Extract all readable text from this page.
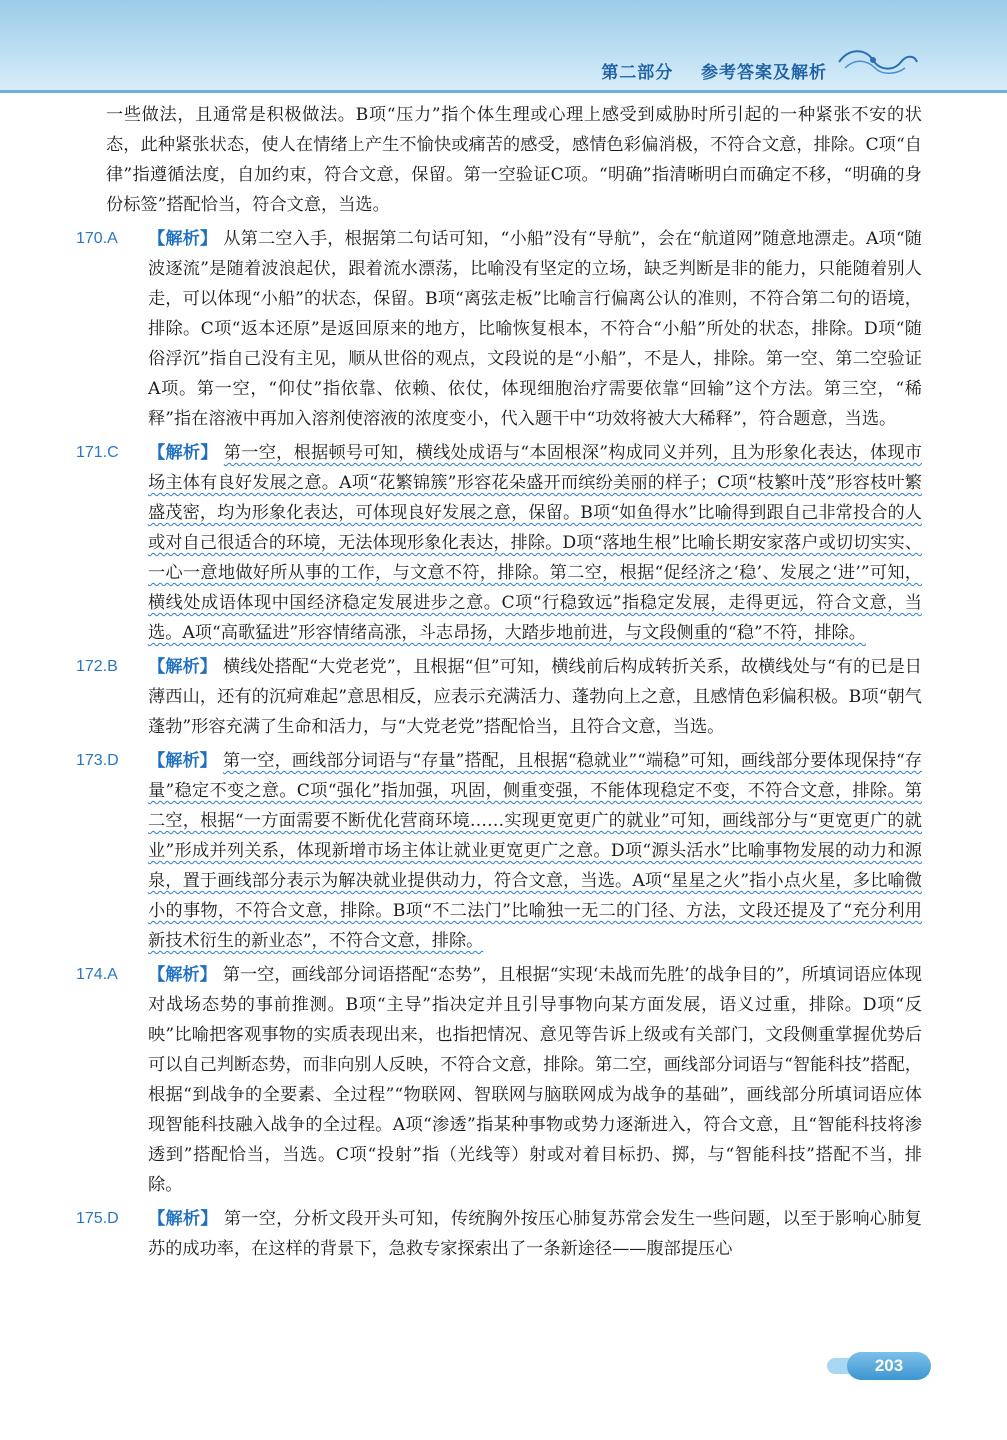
第二部分    参考答案及解析

一些做法，且通常是积极做法。B项“压力”指个体生理或心理上感受到威胁时所引起的一种紧张不安的状态，此种紧张状态，使人在情绪上产生不愉快或痛苦的感受，感情色彩偏消极，不符合文意，排除。C项“自律”指遵循法度，自加约束，符合文意，保留。第一空验证C项。“明确”指清晰明白而确定不移，“明确的身份标签”搭配恰当，符合文意，当选。

170.A	【解析】 从第二空入手，根据第二句话可知，“小船”没有“导航”，会在“航道网”随意地漂走。A项“随波逐流”是随着波浪起伏，跟着流水漂荡，比喻没有坚定的立场，缺乏判断是非的能力，只能随着别人走，可以体现“小船”的状态，保留。B项“离弦走板”比喻言行偏离公认的准则，不符合第二句的语境，排除。C项“返本还原”是返回原来的地方，比喻恢复根本，不符合“小船”所处的状态，排除。D项“随俗浮沉”指自己没有主见，顺从世俗的观点，文段说的是“小船”，不是人，排除。第一空、第二空验证A项。第一空，“仰仗”指依靠、依赖、依仗，体现细胞治疗需要依靠“回输”这个方法。第三空，“稀释”指在溶液中再加入溶剂使溶液的浓度变小，代入题干中“功效将被大大稀释”，符合题意，当选。
171.C	【解析】 第一空，根据顿号可知，横线处成语与“本固根深”构成同义并列，且为形象化表达，体现市场主体有良好发展之意。A项“花繁锦簇”形容花朵盛开而缤纷美丽的样子；C项“枝繁叶茂”形容枝叶繁盛茂密，均为形象化表达，可体现良好发展之意，保留。B项“如鱼得水”比喻得到跟自己非常投合的人或对自己很适合的环境，无法体现形象化表达，排除。D项“落地生根”比喻长期安家落户或切切实实、一心一意地做好所从事的工作，与文意不符，排除。第二空，根据“促经济之‘稳’、发展之‘进’”可知，横线处成语体现中国经济稳定发展进步之意。C项“行稳致远”指稳定发展，走得更远，符合文意，当选。A项“高歌猛进”形容情绪高涨，斗志昂扬，大踏步地前进，与文段侧重的“稳”不符，排除。
172.B	【解析】 横线处搭配“大党老党”，且根据“但”可知，横线前后构成转折关系，故横线处与“有的已是日薄西山，还有的沉疴难起”意思相反，应表示充满活力、蓬勃向上之意，且感情色彩偏积极。B项“朝气蓬勃”形容充满了生命和活力，与“大党老党”搭配恰当，且符合文意，当选。
173.D	【解析】 第一空，画线部分词语与“存量”搭配，且根据“稳就业”“端稳”可知，画线部分要体现保持“存量”稳定不变之意。C项“强化”指加强，巩固，侧重变强，不能体现稳定不变，不符合文意，排除。第二空，根据“一方面需要不断优化营商环境……实现更宽更广的就业”可知，画线部分与“更宽更广的就业”形成并列关系，体现新增市场主体让就业更宽更广之意。D项“源头活水”比喻事物发展的动力和源泉，置于画线部分表示为解决就业提供动力，符合文意，当选。A项“星星之火”指小点火星，多比喻微小的事物，不符合文意，排除。B项“不二法门”比喻独一无二的门径、方法，文段还提及了“充分利用新技术衍生的新业态”，不符合文意，排除。
174.A	【解析】 第一空，画线部分词语搭配“态势”，且根据“实现‘未战而先胜’的战争目的”，所填词语应体现对战场态势的事前推测。B项“主导”指决定并且引导事物向某方面发展，语义过重，排除。D项“反映”比喻把客观事物的实质表现出来，也指把情况、意见等告诉上级或有关部门，文段侧重掌握优势后可以自己判断态势，而非向别人反映，不符合文意，排除。第二空，画线部分词语与“智能科技”搭配，根据“到战争的全要素、全过程”“物联网、智联网与脑联网成为战争的基础”，画线部分所填词语应体现智能科技融入战争的全过程。A项“渗透”指某种事物或势力逐渐进入，符合文意，且“智能科技将渗透到”搭配恰当，当选。C项“投射”指（光线等）射或对着目标扔、掷，与“智能科技”搭配不当，排除。
175.D	【解析】 第一空，分析文段开头可知，传统胸外按压心肺复苏常会发生一些问题，以至于影响心肺复苏的成功率，在这样的背景下，急救专家探索出了一条新途径——腹部提压心
203
